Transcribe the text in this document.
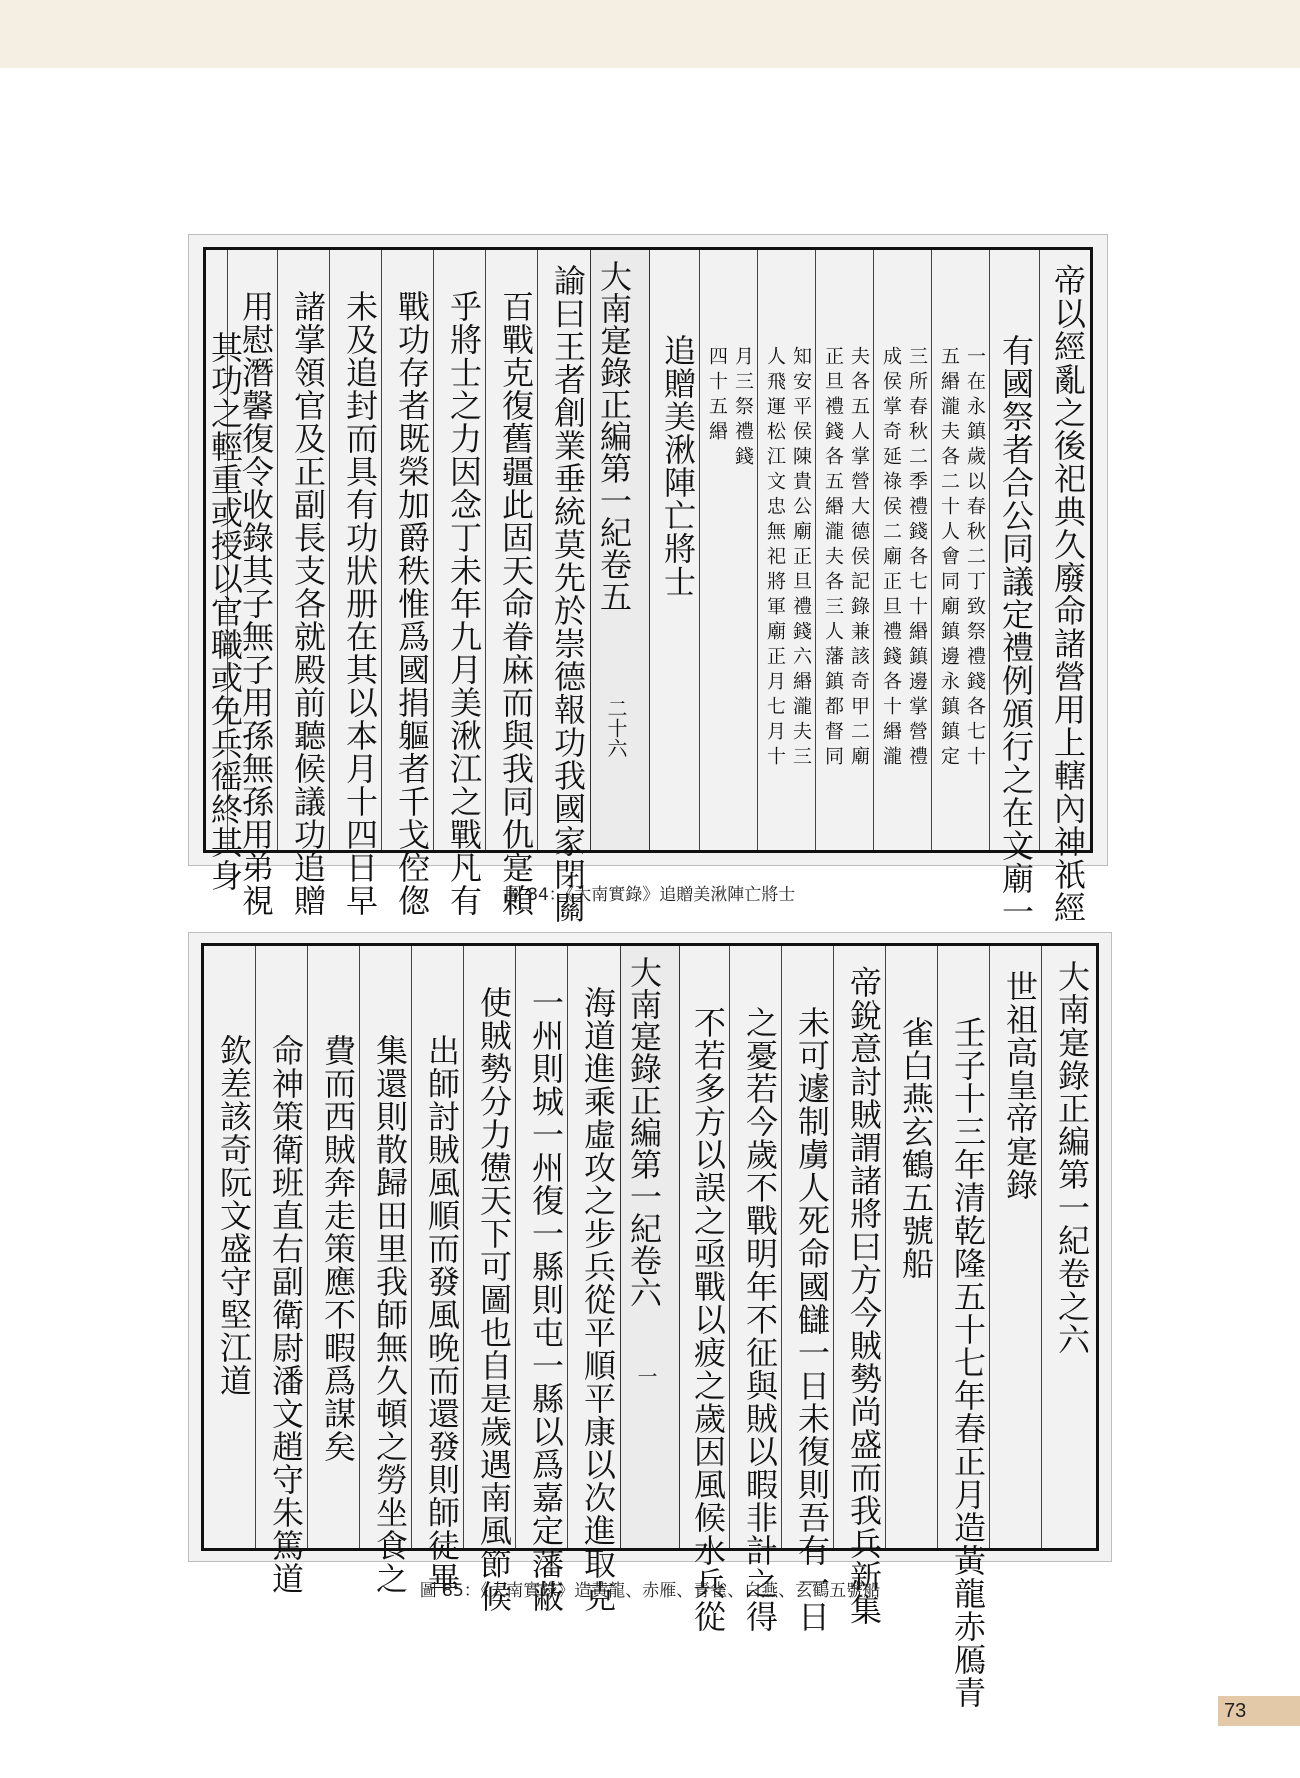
帝以經亂之後祀典久廢命諸營用上轄內神祇經
有國祭者合公同議定禮例頒行之在文廟一
一在永鎮歲以春秋二丁致祭禮錢各七十
五緡瀧夫各二十人會同廟鎮邊永鎮鎮定
三所春秋二季禮錢各七十緡鎮邊掌營禮
成侯掌奇延祿侯二廟正旦禮錢各十緡瀧
夫各五人掌營大德侯記錄兼該奇甲二廟
正旦禮錢各五緡瀧夫各三人藩鎮都督同
知安平侯陳貴公廟正旦禮錢六緡瀧夫三
人飛運松江文忠無祀將軍廟正月七月十
月三祭禮錢
四十五緡
追贈美湫陣亡將士
大南寔錄正編第一紀卷五
二十六
諭曰王者創業垂統莫先於崇德報功我國家閉關
百戰克復舊疆此固天命眷麻而與我同仇寔賴
乎將士之力因念丁未年九月美湫江之戰凡有
戰功存者既榮加爵秩惟爲國捐軀者千戈倥偬
未及追封而具有功狀册在其以本月十四日早
諸掌領官及正副長支各就殿前聽候議功追贈
用慰潛馨復令收錄其子無子用孫無孫用弟視
其功之輕重或授以官職或免兵徭終其身
圖 84：《大南實錄》追贈美湫陣亡將士
大南寔錄正編第一紀卷之六
世祖高皇帝寔錄
壬子十三年清乾隆五十七年春正月造黃龍赤鴈青
雀白燕玄鶴五號船
帝銳意討賊謂諸將曰方今賊勢尚盛而我兵新集
未可遽制虜人死命國讎一日未復則吾有一日
之憂若今歲不戰明年不征與賊以暇非計之得
不若多方以誤之亟戰以疲之歲因風候水兵從
大南寔錄正編第一紀卷六
一
海道進乘虛攻之步兵從平順平康以次進取克
一州則城一州復一縣則屯一縣以爲嘉定藩蔽
使賊勢分力憊天下可圖也自是歲遇南風節候
出師討賊風順而發風晚而還發則師徒畢
集還則散歸田里我師無久頓之勞坐食之
費而西賊奔走策應不暇爲謀矣
命神策衛班直右副衛尉潘文趙守朱篤道
欽差該奇阮文盛守堅江道
圖 85：《大南實錄》造黃龍、赤雁、青雀、白燕、玄鶴五號船
73
